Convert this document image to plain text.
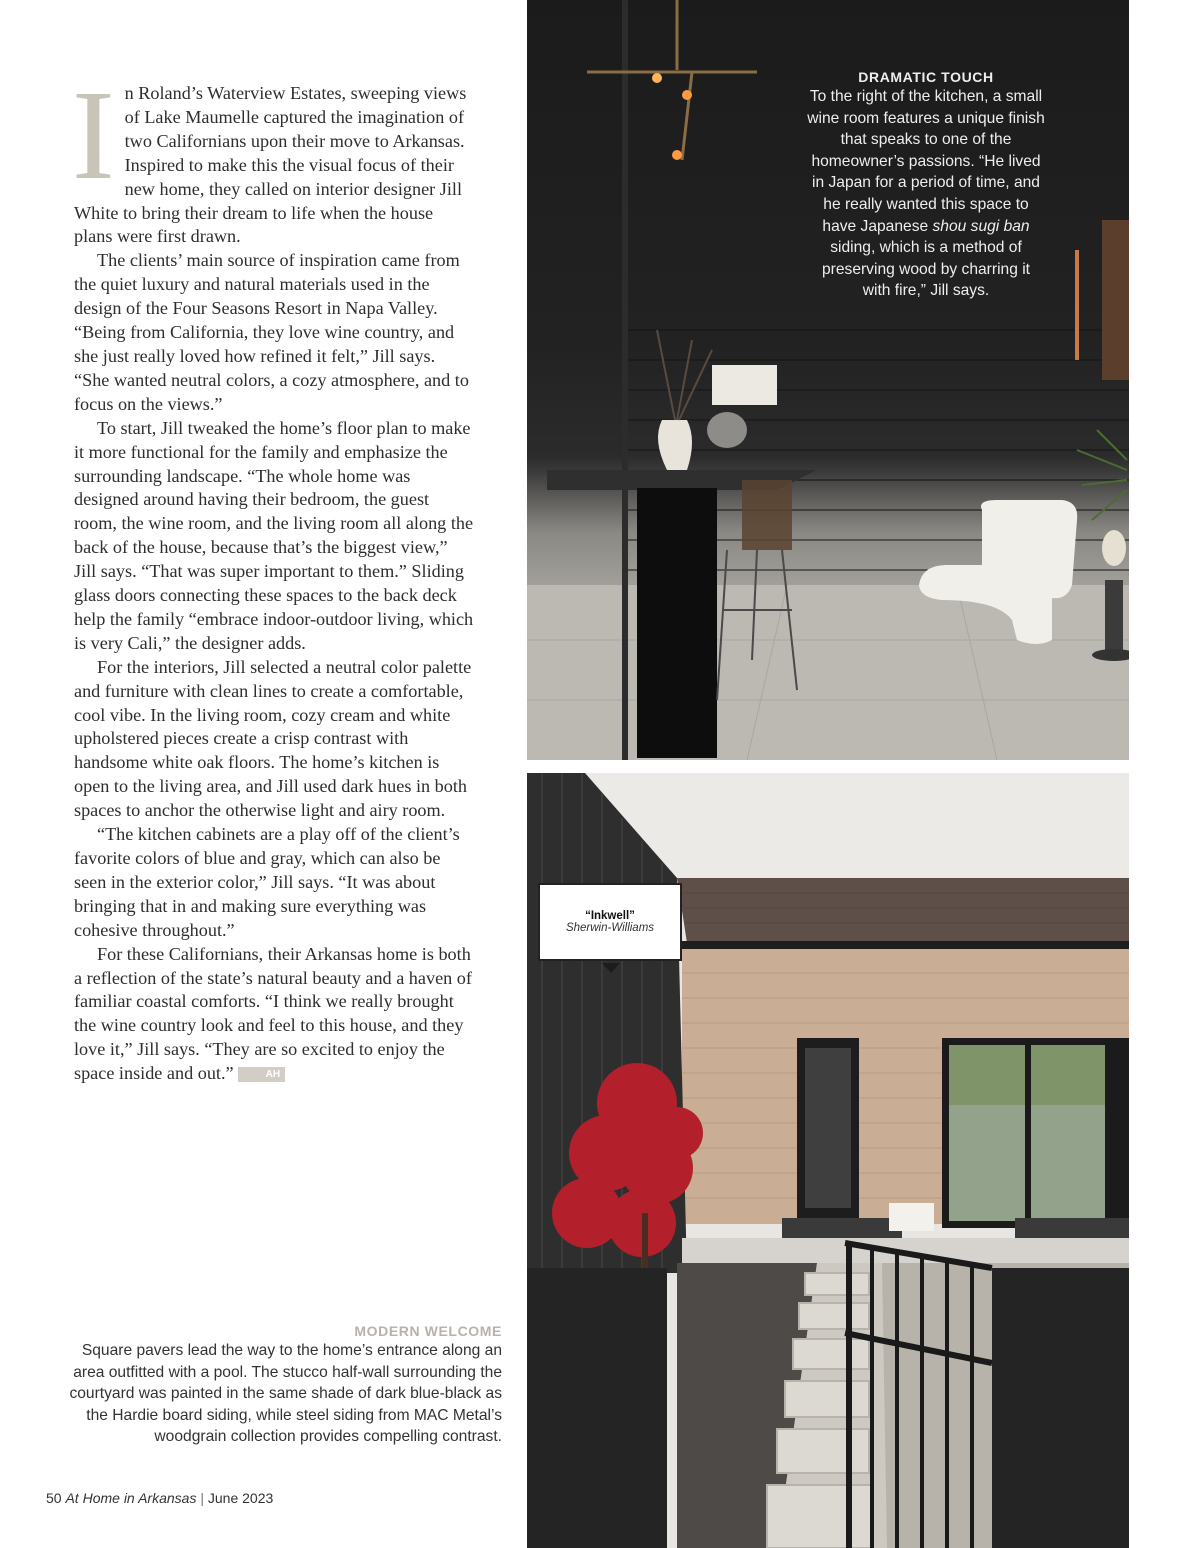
In Roland’s Waterview Estates, sweeping views of Lake Maumelle captured the imagination of two Californians upon their move to Arkansas. Inspired to make this the visual focus of their new home, they called on interior designer Jill White to bring their dream to life when the house plans were first drawn.

The clients’ main source of inspiration came from the quiet luxury and natural materials used in the design of the Four Seasons Resort in Napa Valley. “Being from California, they love wine country, and she just really loved how refined it felt,” Jill says. “She wanted neutral colors, a cozy atmosphere, and to focus on the views.”

To start, Jill tweaked the home’s floor plan to make it more functional for the family and emphasize the surrounding landscape. “The whole home was designed around having their bedroom, the guest room, the wine room, and the living room all along the back of the house, because that’s the biggest view,” Jill says. “That was super important to them.” Sliding glass doors connecting these spaces to the back deck help the family “embrace indoor-outdoor living, which is very Cali,” the designer adds.

For the interiors, Jill selected a neutral color palette and furniture with clean lines to create a comfortable, cool vibe. In the living room, cozy cream and white upholstered pieces create a crisp contrast with handsome white oak floors. The home’s kitchen is open to the living area, and Jill used dark hues in both spaces to anchor the otherwise light and airy room.

“The kitchen cabinets are a play off of the client’s favorite colors of blue and gray, which can also be seen in the exterior color,” Jill says. “It was about bringing that in and making sure everything was cohesive throughout.”

For these Californians, their Arkansas home is both a reflection of the state’s natural beauty and a haven of familiar coastal comforts. “I think we really brought the wine country look and feel to this house, and they love it,” Jill says. “They are so excited to enjoy the space inside and out.”	AH

DRAMATIC TOUCH
To the right of the kitchen, a small wine room features a unique finish that speaks to one of the homeowner’s passions. “He lived in Japan for a period of time, and he really wanted this space to have Japanese shou sugi ban siding, which is a method of preserving wood by charring it with fire,” Jill says.
“Inkwell”
Sherwin-Williams
MODERN WELCOME
Square pavers lead the way to the home’s entrance along an area outfitted with a pool. The stucco half-wall surrounding the courtyard was painted in the same shade of dark blue-black as the Hardie board siding, while steel siding from MAC Metal’s woodgrain collection provides compelling contrast.
50 At Home in Arkansas | June 2023
